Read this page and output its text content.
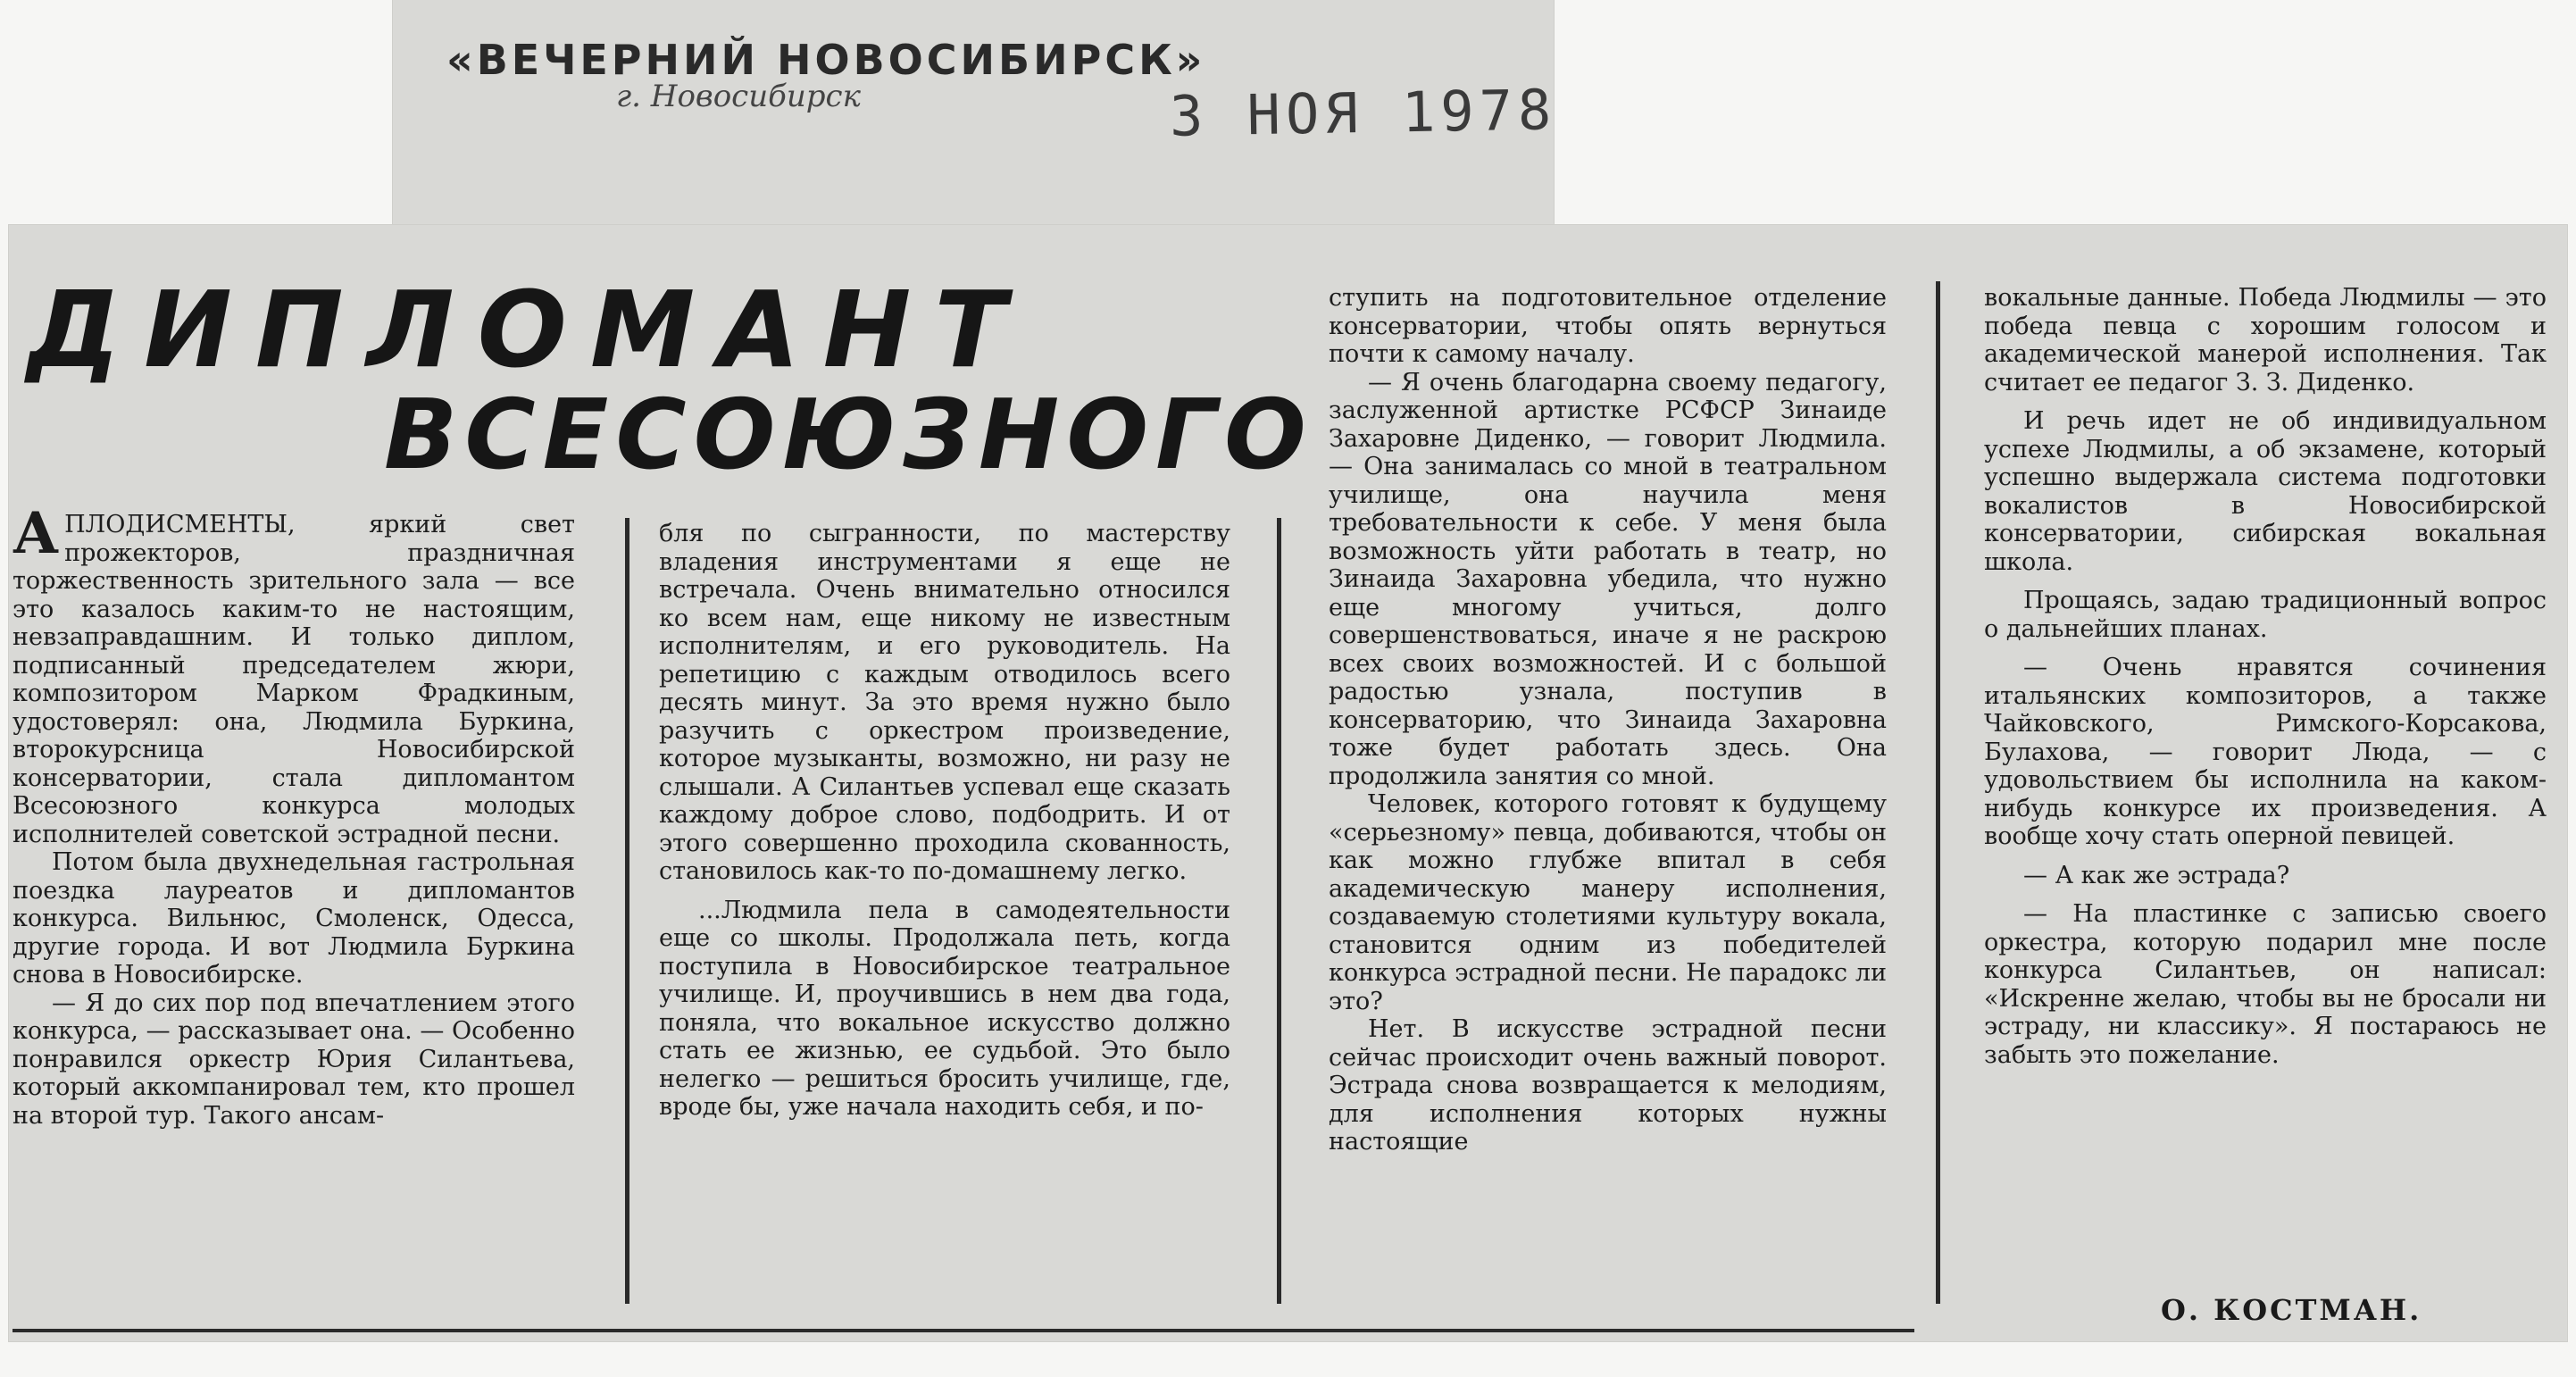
«ВЕЧЕРНИЙ НОВОСИБИРСК»
г. Новосибирск	3 НОЯ 1978
ДИПЛОМАНТ
ВСЕСОЮЗНОГО

АПЛОДИСМЕНТЫ, яркий свет прожекторов, праздничная торжественность зрительного зала — все это казалось каким-то не настоящим, невзаправдашним. И только диплом, подписанный председателем жюри, композитором Марком Фрадкиным, удостоверял: она, Людмила Буркина, второкурсница Новосибирской консерватории, стала дипломантом Всесоюзного конкурса молодых исполнителей советской эстрадной песни.

Потом была двухнедельная гастрольная поездка лауреатов и дипломантов конкурса. Вильнюс, Смоленск, Одесса, другие города. И вот Людмила Буркина снова в Новосибирске.

— Я до сих пор под впечатлением этого конкурса, — рассказывает она. — Особенно понравился оркестр Юрия Силантьева, который аккомпанировал тем, кто прошел на второй тур. Такого ансам-

бля по сыгранности, по мастерству владения инструментами я еще не встречала. Очень внимательно относился ко всем нам, еще никому не известным исполнителям, и его руководитель. На репетицию с каждым отводилось всего десять минут. За это время нужно было разучить с оркестром произведение, которое музыканты, возможно, ни разу не слышали. А Силантьев успевал еще сказать каждому доброе слово, подбодрить. И от этого совершенно проходила скованность, становилось как-то по-домашнему легко.

...Людмила пела в самодеятельности еще со школы. Продолжала петь, когда поступила в Новосибирское театральное училище. И, проучившись в нем два года, поняла, что вокальное искусство должно стать ее жизнью, ее судьбой. Это было нелегко — решиться бросить училище, где, вроде бы, уже начала находить себя, и по-

ступить на подготовительное отделение консерватории, чтобы опять вернуться почти к самому началу.

— Я очень благодарна своему педагогу, заслуженной артистке РСФСР Зинаиде Захаровне Диденко, — говорит Людмила. — Она занималась со мной в театральном училище, она научила меня требовательности к себе. У меня была возможность уйти работать в театр, но Зинаида Захаровна убедила, что нужно еще многому учиться, долго совершенствоваться, иначе я не раскрою всех своих возможностей. И с большой радостью узнала, поступив в консерваторию, что Зинаида Захаровна тоже будет работать здесь. Она продолжила занятия со мной.

Человек, которого готовят к будущему «серьезному» певца, добиваются, чтобы он как можно глубже впитал в себя академическую манеру исполнения, создаваемую столетиями культуру вокала, становится одним из победителей конкурса эстрадной песни. Не парадокс ли это?

Нет. В искусстве эстрадной песни сейчас происходит очень важный поворот. Эстрада снова возвращается к мелодиям, для исполнения которых нужны настоящие

вокальные данные. Победа Людмилы — это победа певца с хорошим голосом и академической манерой исполнения. Так считает ее педагог З. З. Диденко.

И речь идет не об индивидуальном успехе Людмилы, а об экзамене, который успешно выдержала система подготовки вокалистов в Новосибирской консерватории, сибирская вокальная школа.

Прощаясь, задаю традиционный вопрос о дальнейших планах.

— Очень нравятся сочинения итальянских композиторов, а также Чайковского, Римского-Корсакова, Булахова, — говорит Люда, — с удовольствием бы исполнила на каком-нибудь конкурсе их произведения. А вообще хочу стать оперной певицей.

— А как же эстрада?

— На пластинке с записью своего оркестра, которую подарил мне после конкурса Силантьев, он написал: «Искренне желаю, чтобы вы не бросали ни эстраду, ни классику». Я постараюсь не забыть это пожелание.

О. КОСТМАН.
